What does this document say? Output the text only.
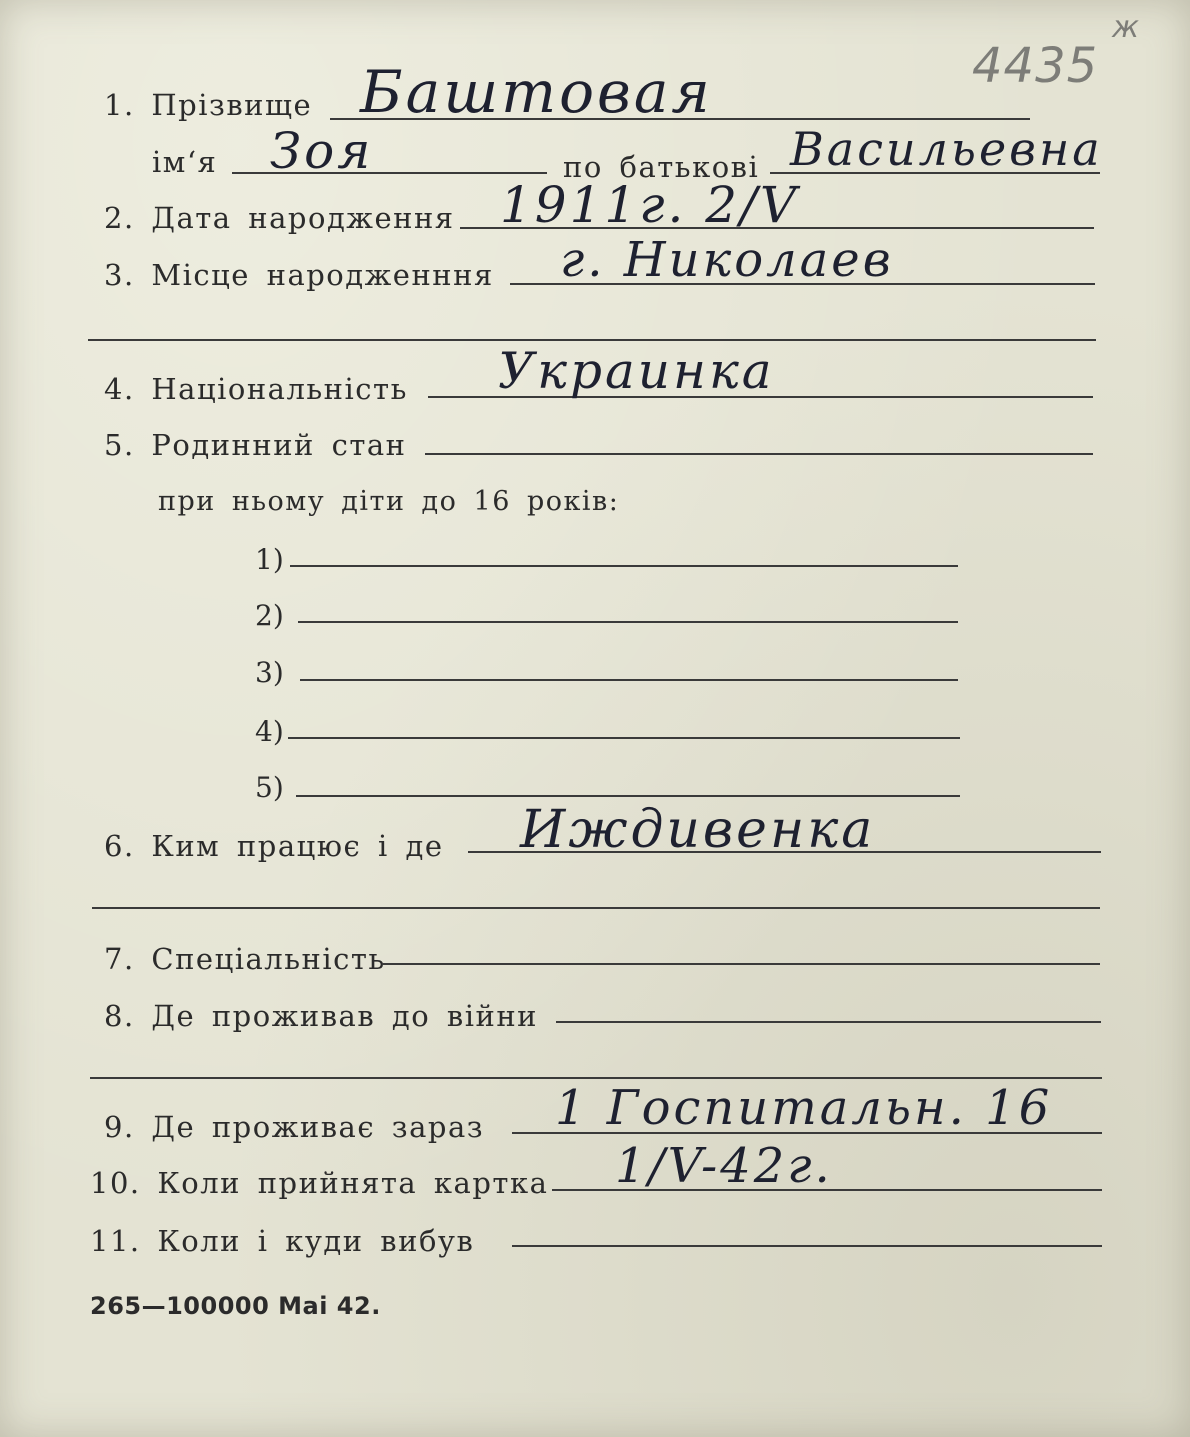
4435
ж
1. Прізвище Баштовая
ім‘я Зоя	по батькові Васильевна
2. Дата народження 1911г. 2/V
3. Місце народженння г. Николаев
4. Національність Украинка
5. Родинний стан
при ньому діти до 16 років:
1)
2)
3)
4)
5)
6. Ким працює і де Иждивенка
7. Спеціальність
8. Де проживав до війни
9. Де проживає зараз 1 Госпитальн. 16
10. Коли прийнята картка 1/V-42г.
11. Коли і куди вибув
265—100000 Mai 42.
